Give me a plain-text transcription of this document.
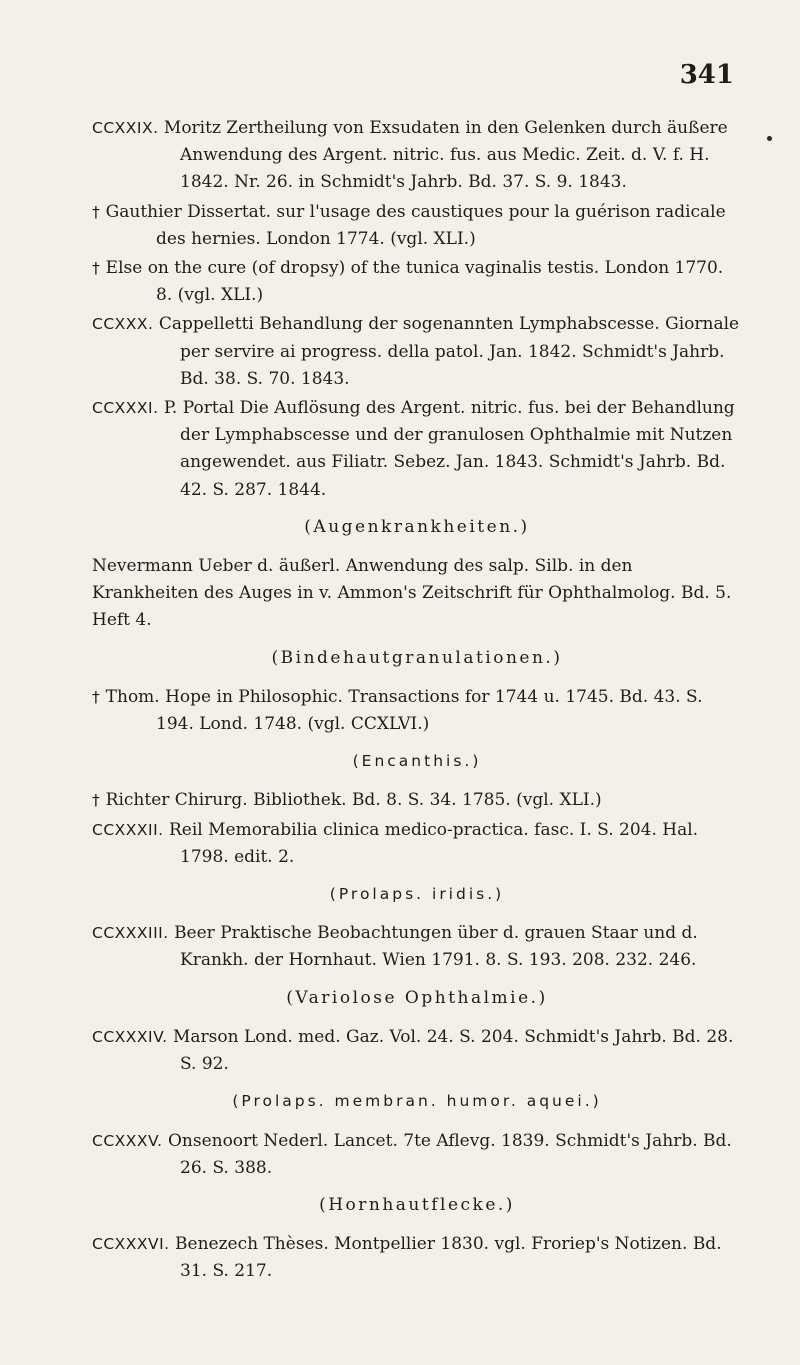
341
CCXXIX. Moritz Zertheilung von Exsudaten in den Gelenken durch äußere Anwendung des Argent. nitric. fus. aus Medic. Zeit. d. V. f. H. 1842. Nr. 26. in Schmidt's Jahrb. Bd. 37. S. 9. 1843.
† Gauthier Dissertat. sur l'usage des caustiques pour la guérison radicale des hernies. London 1774. (vgl. XLI.)
† Else on the cure (of dropsy) of the tunica vaginalis testis. London 1770. 8. (vgl. XLI.)
CCXXX. Cappelletti Behandlung der sogenannten Lymphabscesse. Giornale per servire ai progress. della patol. Jan. 1842. Schmidt's Jahrb. Bd. 38. S. 70. 1843.
CCXXXI. P. Portal Die Auflösung des Argent. nitric. fus. bei der Behandlung der Lymphabscesse und der granulosen Ophthalmie mit Nutzen angewendet. aus Filiatr. Sebez. Jan. 1843. Schmidt's Jahrb. Bd. 42. S. 287. 1844.
(Augenkrankheiten.)
Nevermann Ueber d. äußerl. Anwendung des salp. Silb. in den Krankheiten des Auges in v. Ammon's Zeitschrift für Ophthalmolog. Bd. 5. Heft 4.
(Bindehautgranulationen.)
† Thom. Hope in Philosophic. Transactions for 1744 u. 1745. Bd. 43. S. 194. Lond. 1748. (vgl. CCXLVI.)
(Encanthis.)
† Richter Chirurg. Bibliothek. Bd. 8. S. 34. 1785. (vgl. XLI.)
CCXXXII. Reil Memorabilia clinica medico-practica. fasc. I. S. 204. Hal. 1798. edit. 2.
(Prolaps. iridis.)
CCXXXIII. Beer Praktische Beobachtungen über d. grauen Staar und d. Krankh. der Hornhaut. Wien 1791. 8. S. 193. 208. 232. 246.
(Variolose Ophthalmie.)
CCXXXIV. Marson Lond. med. Gaz. Vol. 24. S. 204. Schmidt's Jahrb. Bd. 28. S. 92.
(Prolaps. membran. humor. aquei.)
CCXXXV. Onsenoort Nederl. Lancet. 7te Aflevg. 1839. Schmidt's Jahrb. Bd. 26. S. 388.
(Hornhautflecke.)
CCXXXVI. Benezech Thèses. Montpellier 1830. vgl. Froriep's Notizen. Bd. 31. S. 217.
